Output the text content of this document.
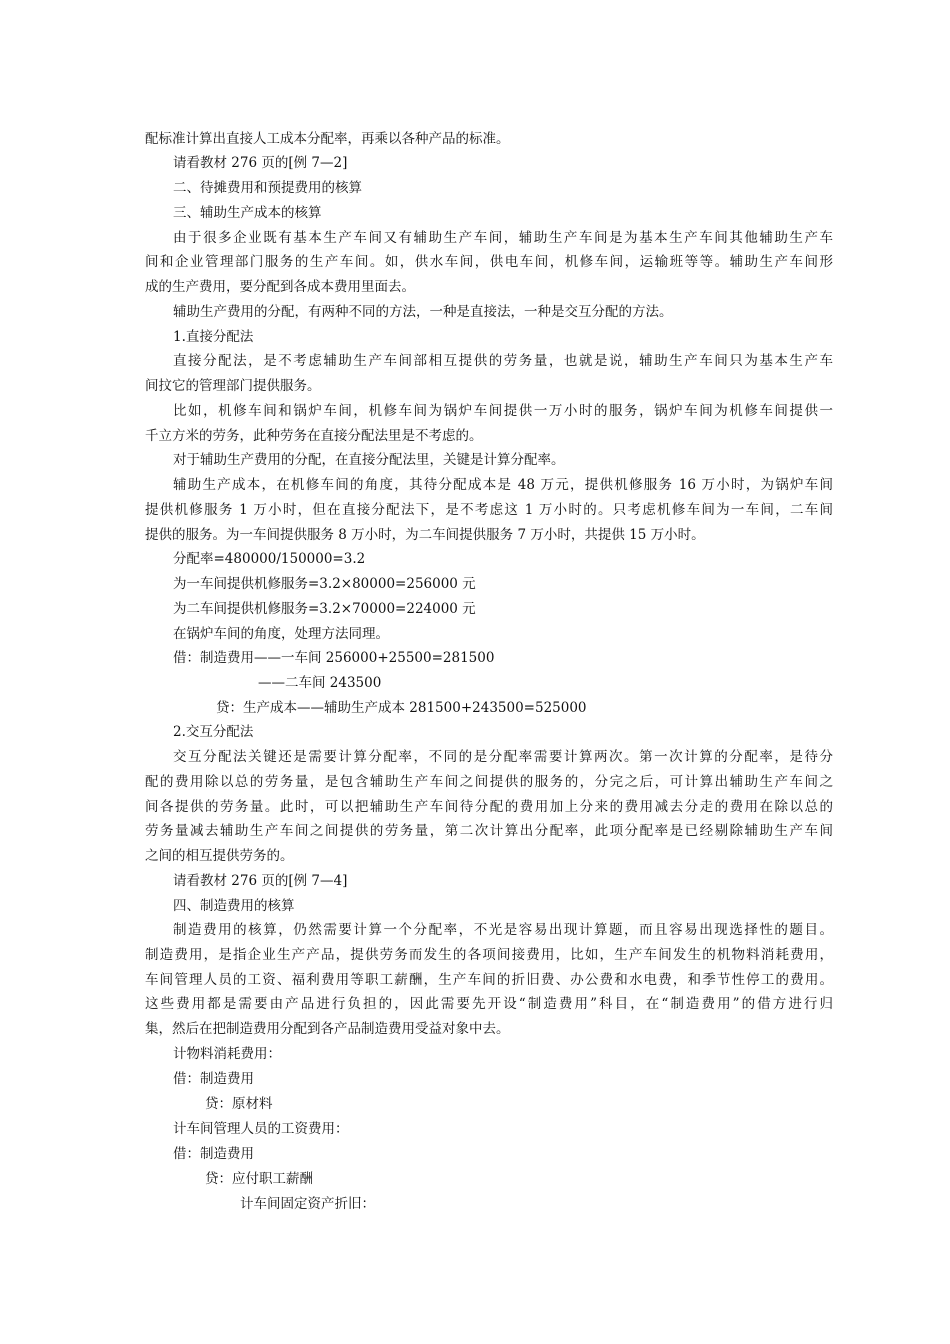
配标准计算出直接人工成本分配率，再乘以各种产品的标准。
请看教材 276 页的[例 7—2]
二、待摊费用和预提费用的核算
三、辅助生产成本的核算
由于很多企业既有基本生产车间又有辅助生产车间，辅助生产车间是为基本生产车间其他辅助生产车
间和企业管理部门服务的生产车间。如，供水车间，供电车间，机修车间，运输班等等。辅助生产车间形
成的生产费用，要分配到各成本费用里面去。
辅助生产费用的分配，有两种不同的方法，一种是直接法，一种是交互分配的方法。
1.直接分配法
直接分配法，是不考虑辅助生产车间部相互提供的劳务量，也就是说，辅助生产车间只为基本生产车
间抆它的管理部门提供服务。
比如，机修车间和锅炉车间，机修车间为锅炉车间提供一万小时的服务，锅炉车间为机修车间提供一
千立方米的劳务，此种劳务在直接分配法里是不考虑的。
对于辅助生产费用的分配，在直接分配法里，关键是计算分配率。
辅助生产成本，在机修车间的角度，其待分配成本是 48 万元，提供机修服务 16 万小时，为锅炉车间
提供机修服务 1 万小时，但在直接分配法下，是不考虑这 1 万小时的。只考虑机修车间为一车间，二车间
提供的服务。为一车间提供服务 8 万小时，为二车间提供服务 7 万小时，共提供 15 万小时。
分配率=480000/150000=3.2
为一车间提供机修服务=3.2×80000=256000 元
为二车间提供机修服务=3.2×70000=224000 元
在锅炉车间的角度，处理方法同理。
借：制造费用——一车间 256000+25500=281500
——二车间 243500
贷：生产成本——辅助生产成本 281500+243500=525000
2.交互分配法
交互分配法关键还是需要计算分配率，不同的是分配率需要计算两次。第一次计算的分配率，是待分
配的费用除以总的劳务量，是包含辅助生产车间之间提供的服务的，分完之后，可计算出辅助生产车间之
间各提供的劳务量。此时，可以把辅助生产车间待分配的费用加上分来的费用减去分走的费用在除以总的
劳务量减去辅助生产车间之间提供的劳务量，第二次计算出分配率，此项分配率是已经剔除辅助生产车间
之间的相互提供劳务的。
请看教材 276 页的[例 7—4]
四、制造费用的核算
制造费用的核算，仍然需要计算一个分配率，不光是容易出现计算题，而且容易出现选择性的题目。
制造费用，是指企业生产产品，提供劳务而发生的各项间接费用，比如，生产车间发生的机物料消耗费用，
车间管理人员的工资、福利费用等职工薪酬，生产车间的折旧费、办公费和水电费，和季节性停工的费用。
这些费用都是需要由产品进行负担的，因此需要先开设“制造费用”科目，在“制造费用”的借方进行归
集，然后在把制造费用分配到各产品制造费用受益对象中去。
计物料消耗费用：
借：制造费用
贷：原材料
计车间管理人员的工资费用：
借：制造费用
贷：应付职工薪酬
计车间固定资产折旧：
